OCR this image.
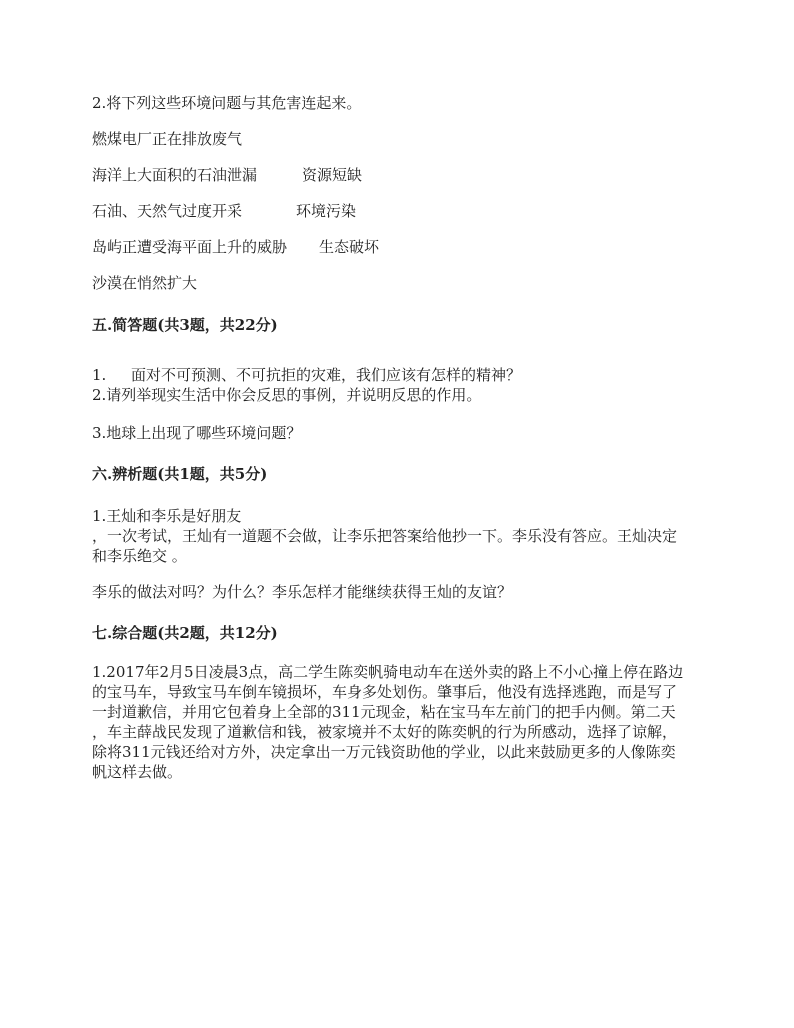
2.将下列这些环境问题与其危害连起来。
燃煤电厂正在排放废气
海洋上大面积的石油泄漏	资源短缺
石油、天然气过度开采	环境污染
岛屿正遭受海平面上升的威胁 生态破坏
沙漠在悄然扩大
五.简答题(共3题，共22分)
1. 面对不可预测、不可抗拒的灾难，我们应该有怎样的精神？
2.请列举现实生活中你会反思的事例，并说明反思的作用。
3.地球上出现了哪些环境问题？
六.辨析题(共1题，共5分)
1.王灿和李乐是好朋友
，一次考试，王灿有一道题不会做，让李乐把答案给他抄一下。李乐没有答应。王灿决定
和李乐绝交 。
李乐的做法对吗？为什么？李乐怎样才能继续获得王灿的友谊？
七.综合题(共2题，共12分)
1.2017年2月5日凌晨3点，高二学生陈奕帆骑电动车在送外卖的路上不小心撞上停在路边
的宝马车，导致宝马车倒车镜损坏，车身多处划伤。肇事后，他没有选择逃跑，而是写了
一封道歉信，并用它包着身上全部的311元现金，粘在宝马车左前门的把手内侧。第二天
，车主薛战民发现了道歉信和钱，被家境并不太好的陈奕帆的行为所感动，选择了谅解，
除将311元钱还给对方外，决定拿出一万元钱资助他的学业，以此来鼓励更多的人像陈奕
帆这样去做。
